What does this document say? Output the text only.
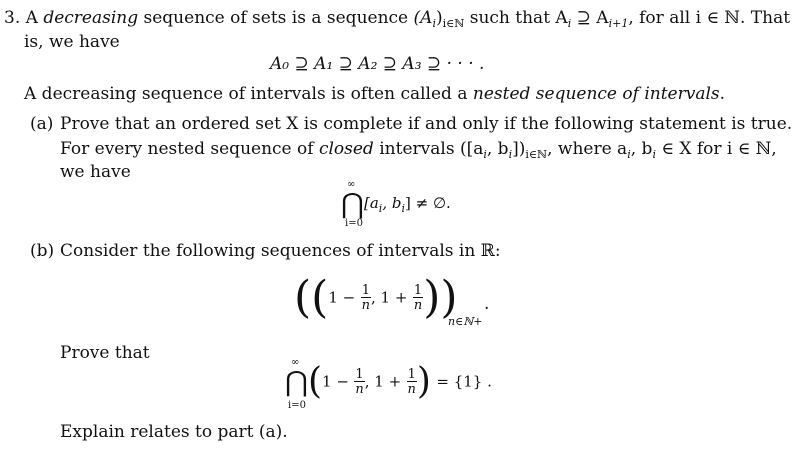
3. A decreasing sequence of sets is a sequence $(A_i)_{i\in ℕ}$ such that $A_i$ ⊇ $A_{i+1}$, for all i ∈ ℕ. That
is, we have
A₀ ⊇ A₁ ⊇ A₂ ⊇ A₃ ⊇ · · · .
A decreasing sequence of intervals is often called a nested sequence of intervals.
(a) Prove that an ordered set X is complete if and only if the following statement is true.
For every nested sequence of closed intervals ([$a_i$, $b_i])_{i\in ℕ}$, where $a_i$, $b_i$ ∈ X for i ∈ ℕ,
we have
∞
⋂
i=0
[$a_i$, $b_i$] ≠ ∅.
(b) Consider the following sequences of intervals in ℝ:
(($1 - \frac{1}{n}$ , $1 + \frac{1}{n}$ ))
n∈ℕ+
.
Prove that	∞
⋂
i=0
($1 - \frac{1}{n}$ , $1 + \frac{1}{n}$ ) = {1} .
Explain relates to part (a).
